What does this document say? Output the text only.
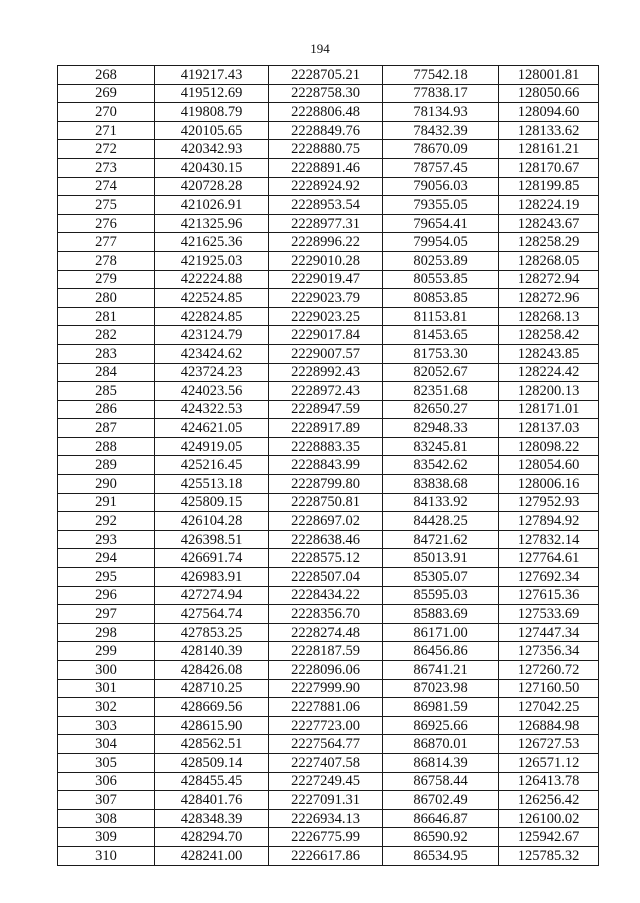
194
268	419217.43	2228705.21	77542.18	128001.81
269	419512.69	2228758.30	77838.17	128050.66
270	419808.79	2228806.48	78134.93	128094.60
271	420105.65	2228849.76	78432.39	128133.62
272	420342.93	2228880.75	78670.09	128161.21
273	420430.15	2228891.46	78757.45	128170.67
274	420728.28	2228924.92	79056.03	128199.85
275	421026.91	2228953.54	79355.05	128224.19
276	421325.96	2228977.31	79654.41	128243.67
277	421625.36	2228996.22	79954.05	128258.29
278	421925.03	2229010.28	80253.89	128268.05
279	422224.88	2229019.47	80553.85	128272.94
280	422524.85	2229023.79	80853.85	128272.96
281	422824.85	2229023.25	81153.81	128268.13
282	423124.79	2229017.84	81453.65	128258.42
283	423424.62	2229007.57	81753.30	128243.85
284	423724.23	2228992.43	82052.67	128224.42
285	424023.56	2228972.43	82351.68	128200.13
286	424322.53	2228947.59	82650.27	128171.01
287	424621.05	2228917.89	82948.33	128137.03
288	424919.05	2228883.35	83245.81	128098.22
289	425216.45	2228843.99	83542.62	128054.60
290	425513.18	2228799.80	83838.68	128006.16
291	425809.15	2228750.81	84133.92	127952.93
292	426104.28	2228697.02	84428.25	127894.92
293	426398.51	2228638.46	84721.62	127832.14
294	426691.74	2228575.12	85013.91	127764.61
295	426983.91	2228507.04	85305.07	127692.34
296	427274.94	2228434.22	85595.03	127615.36
297	427564.74	2228356.70	85883.69	127533.69
298	427853.25	2228274.48	86171.00	127447.34
299	428140.39	2228187.59	86456.86	127356.34
300	428426.08	2228096.06	86741.21	127260.72
301	428710.25	2227999.90	87023.98	127160.50
302	428669.56	2227881.06	86981.59	127042.25
303	428615.90	2227723.00	86925.66	126884.98
304	428562.51	2227564.77	86870.01	126727.53
305	428509.14	2227407.58	86814.39	126571.12
306	428455.45	2227249.45	86758.44	126413.78
307	428401.76	2227091.31	86702.49	126256.42
308	428348.39	2226934.13	86646.87	126100.02
309	428294.70	2226775.99	86590.92	125942.67
310	428241.00	2226617.86	86534.95	125785.32
